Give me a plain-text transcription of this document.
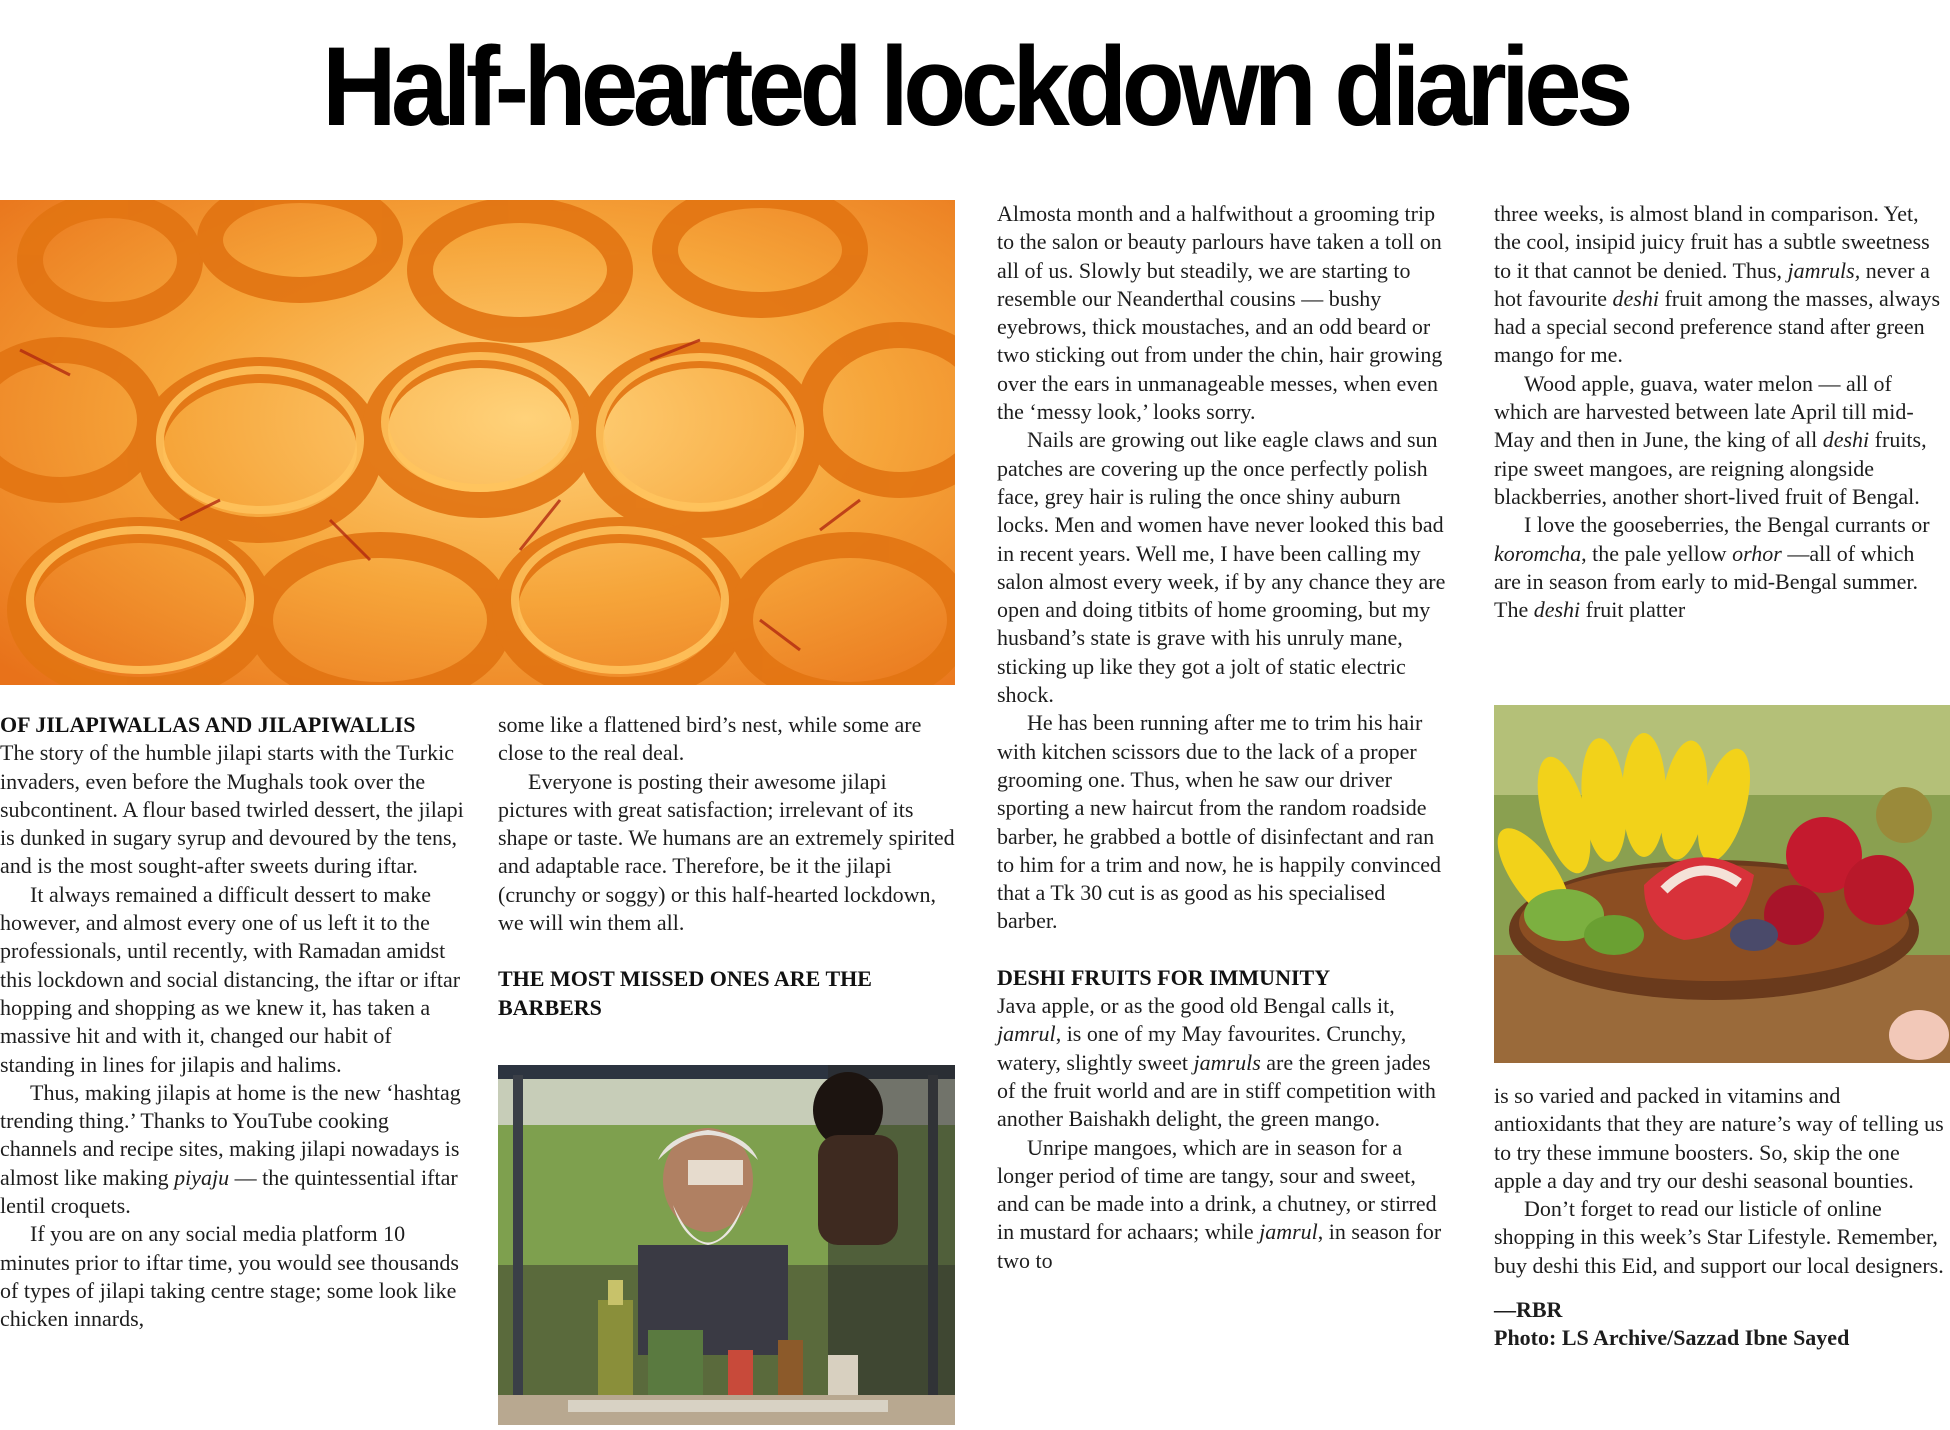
Half-hearted lockdown diaries

OF JILAPIWALLAS AND JILAPIWALLIS

The story of the humble jilapi starts with the Turkic invaders, even before the Mughals took over the subcontinent. A flour based twirled dessert, the jilapi is dunked in sugary syrup and devoured by the tens, and is the most sought-after sweets during iftar.

It always remained a difficult dessert to make however, and almost every one of us left it to the professionals, until recently, with Ramadan amidst this lockdown and social distancing, the iftar or iftar hopping and shopping as we knew it, has taken a massive hit and with it, changed our habit of standing in lines for jilapis and halims.

Thus, making jilapis at home is the new ‘hashtag trending thing.’ Thanks to YouTube cooking channels and recipe sites, making jilapi nowadays is almost like making piyaju — the quintessential iftar lentil croquets.

If you are on any social media platform 10 minutes prior to iftar time, you would see thousands of types of jilapi taking centre stage; some look like chicken innards,

some like a flattened bird’s nest, while some are close to the real deal.

Everyone is posting their awesome jilapi pictures with great satisfaction; irrelevant of its shape or taste. We humans are an extremely spirited and adaptable race. Therefore, be it the jilapi (crunchy or soggy) or this half-hearted lockdown, we will win them all.

THE MOST MISSED ONES ARE THE BARBERS

Almosta month and a halfwithout a grooming trip to the salon or beauty parlours have taken a toll on all of us. Slowly but steadily, we are starting to resemble our Neanderthal cousins — bushy eyebrows, thick moustaches, and an odd beard or two sticking out from under the chin, hair growing over the ears in unmanageable messes, when even the ‘messy look,’ looks sorry.

Nails are growing out like eagle claws and sun patches are covering up the once perfectly polish face, grey hair is ruling the once shiny auburn locks. Men and women have never looked this bad in recent years. Well me, I have been calling my salon almost every week, if by any chance they are open and doing titbits of home grooming, but my husband’s state is grave with his unruly mane, sticking up like they got a jolt of static electric shock.

He has been running after me to trim his hair with kitchen scissors due to the lack of a proper grooming one. Thus, when he saw our driver sporting a new haircut from the random roadside barber, he grabbed a bottle of disinfectant and ran to him for a trim and now, he is happily convinced that a Tk 30 cut is as good as his specialised barber.

DESHI FRUITS FOR IMMUNITY

Java apple, or as the good old Bengal calls it, jamrul, is one of my May favourites. Crunchy, watery, slightly sweet jamruls are the green jades of the fruit world and are in stiff competition with another Baishakh delight, the green mango.

Unripe mangoes, which are in season for a longer period of time are tangy, sour and sweet, and can be made into a drink, a chutney, or stirred in mustard for achaars; while jamrul, in season for two to

three weeks, is almost bland in comparison. Yet, the cool, insipid juicy fruit has a subtle sweetness to it that cannot be denied. Thus, jamruls, never a hot favourite deshi fruit among the masses, always had a special second preference stand after green mango for me.

Wood apple, guava, water melon — all of which are harvested between late April till mid-May and then in June, the king of all deshi fruits, ripe sweet mangoes, are reigning alongside blackberries, another short-lived fruit of Bengal.

I love the gooseberries, the Bengal currants or koromcha, the pale yellow orhor —all of which are in season from early to mid-Bengal summer. The deshi fruit platter

is so varied and packed in vitamins and antioxidants that they are nature’s way of telling us to try these immune boosters. So, skip the one apple a day and try our deshi seasonal bounties.

Don’t forget to read our listicle of online shopping in this week’s Star Lifestyle. Remember, buy deshi this Eid, and support our local designers.

—RBR

Photo: LS Archive/Sazzad Ibne Sayed
